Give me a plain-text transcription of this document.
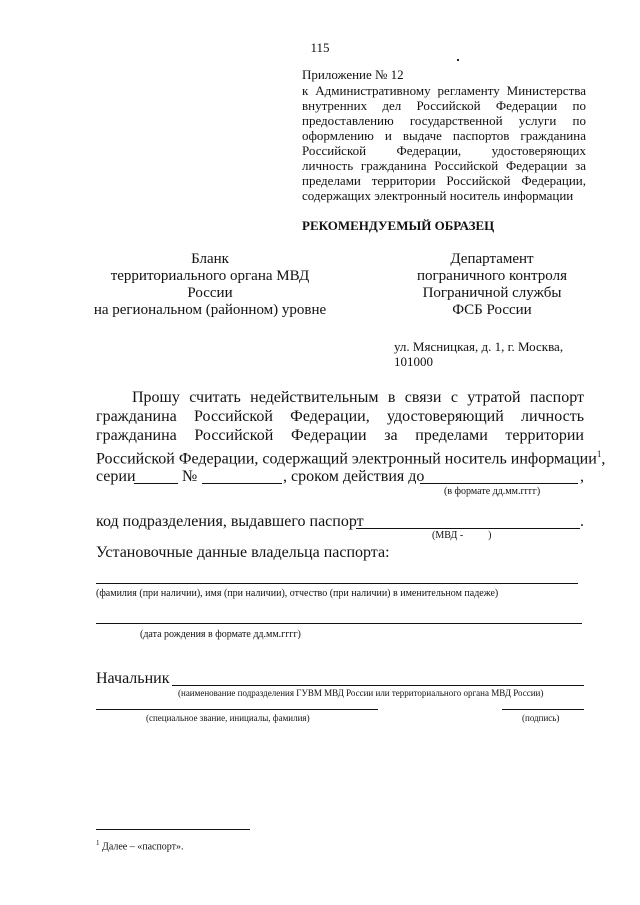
115
Приложение № 12
к Административному регламенту Министерства
внутренних дел Российской Федерации по
предоставлению государственной услуги по
оформлению и выдаче паспортов гражданина
Российской Федерации, удостоверяющих
личность гражданина Российской Федерации за
пределами территории Российской Федерации,
содержащих электронный носитель информации
РЕКОМЕНДУЕМЫЙ ОБРАЗЕЦ
Бланк
территориального органа МВД России
на региональном (районном) уровне
Департамент
пограничного контроля
Пограничной службы
ФСБ России
ул. Мясницкая, д. 1, г. Москва, 101000
Прошу считать недействительным в связи с утратой паспорт
гражданина Российской Федерации, удостоверяющий личность
гражданина Российской Федерации за пределами территории
Российской Федерации, содержащий электронный носитель информации$^1$,
серии	№	, сроком действия до	,
(в формате дд.мм.гггг)
код подразделения, выдавшего паспорт	.
(МВД -          )
Установочные данные владельца паспорта:
(фамилия (при наличии), имя (при наличии), отчество (при наличии) в именительном падеже)
(дата рождения в формате дд.мм.гггг)
Начальник
(наименование подразделения ГУВМ МВД России или территориального органа МВД России)
(специальное звание, инициалы, фамилия)	(подпись)
$^1$ Далее – «паспорт».
